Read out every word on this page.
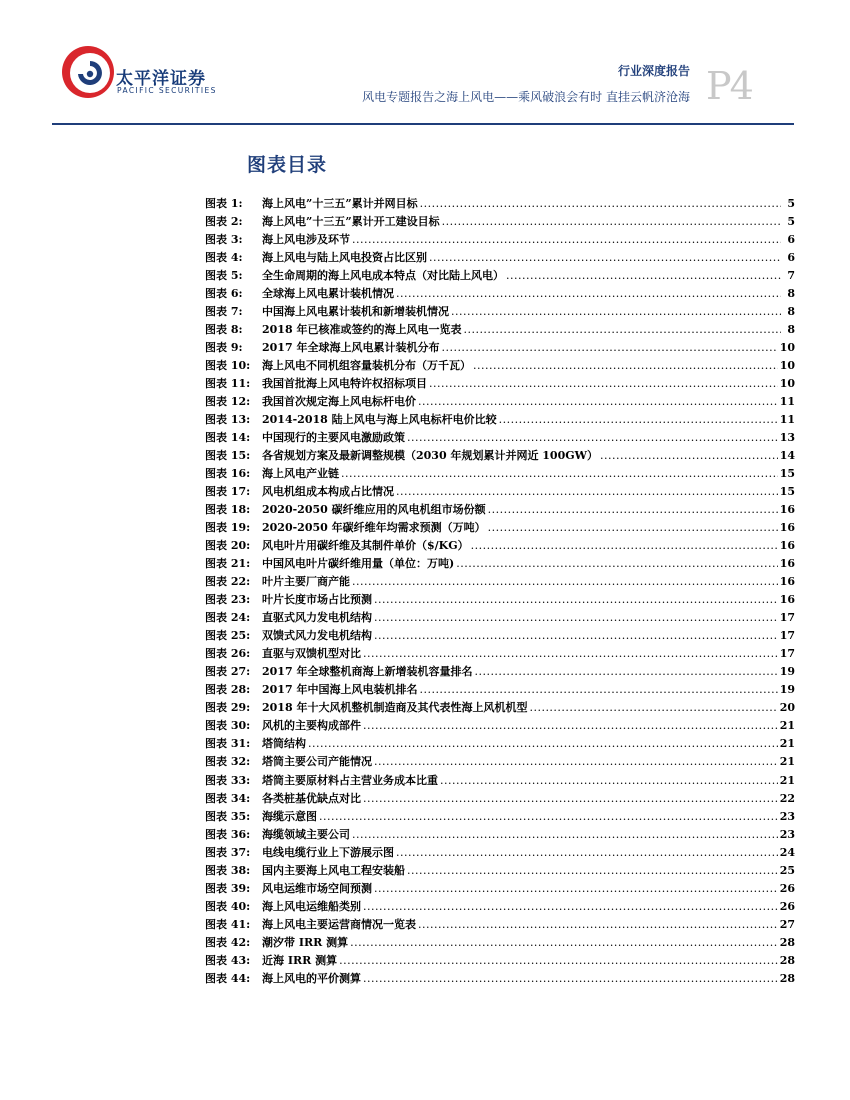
太平洋证券
PACIFIC SECURITIES
行业深度报告
风电专题报告之海上风电——乘风破浪会有时 直挂云帆济沧海 P4
图表目录
图表 1:	海上风电”十三五”累计并网目标 .....	5
图表 2:	海上风电”十三五”累计开工建设目标 .....	5
图表 3:	海上风电涉及环节 .....	6
图表 4:	海上风电与陆上风电投资占比区别 .....	6
图表 5:	全生命周期的海上风电成本特点（对比陆上风电） .....	7
图表 6:	全球海上风电累计装机情况 .....	8
图表 7:	中国海上风电累计装机和新增装机情况 .....	8
图表 8:	2018 年已核准或签约的海上风电一览表 .....	8
图表 9:	2017 年全球海上风电累计装机分布 .....	10
图表 10:	海上风电不同机组容量装机分布（万千瓦） .....	10
图表 11:	我国首批海上风电特许权招标项目 .....	10
图表 12:	我国首次规定海上风电标杆电价 .....	11
图表 13:	2014-2018 陆上风电与海上风电标杆电价比较 .....	11
图表 14:	中国现行的主要风电激励政策 .....	13
图表 15:	各省规划方案及最新调整规模（2030 年规划累计并网近 100GW） .....	14
图表 16:	海上风电产业链 .....	15
图表 17:	风电机组成本构成占比情况 .....	15
图表 18:	2020-2050 碳纤维应用的风电机组市场份额 .....	16
图表 19:	2020-2050 年碳纤维年均需求预测（万吨） .....	16
图表 20:	风电叶片用碳纤维及其制件单价（$/KG） .....	16
图表 21:	中国风电叶片碳纤维用量（单位：万吨) .....	16
图表 22:	叶片主要厂商产能 .....	16
图表 23:	叶片长度市场占比预测 .....	16
图表 24:	直驱式风力发电机结构 .....	17
图表 25:	双馈式风力发电机结构 .....	17
图表 26:	直驱与双馈机型对比 .....	17
图表 27:	2017 年全球整机商海上新增装机容量排名 .....	19
图表 28:	2017 年中国海上风电装机排名 .....	19
图表 29:	2018 年十大风机整机制造商及其代表性海上风机机型 .....	20
图表 30:	风机的主要构成部件 .....	21
图表 31:	塔筒结构 .....	21
图表 32:	塔筒主要公司产能情况 .....	21
图表 33:	塔筒主要原材料占主营业务成本比重 .....	21
图表 34:	各类桩基优缺点对比 .....	22
图表 35:	海缆示意图 .....	23
图表 36:	海缆领域主要公司 .....	23
图表 37:	电线电缆行业上下游展示图 .....	24
图表 38:	国内主要海上风电工程安装船 .....	25
图表 39:	风电运维市场空间预测 .....	26
图表 40:	海上风电运维船类别 .....	26
图表 41:	海上风电主要运营商情况一览表 .....	27
图表 42:	潮汐带 IRR 测算 .....	28
图表 43:	近海 IRR 测算 .....	28
图表 44:	海上风电的平价测算 .....	28
